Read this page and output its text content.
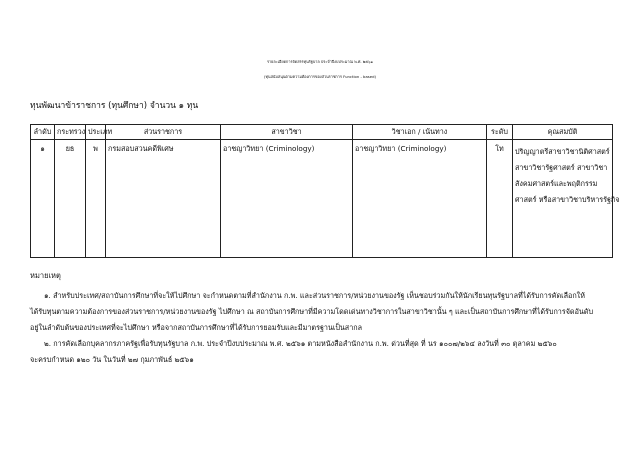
รายละเอียดการจัดสรรทุนรัฐบาล ประจำปีงบประมาณ พ.ศ. ๒๕๖๑
(ทุนสนับสนุนตามความต้องการของส่วนราชการ Function - based)
ทุนพัฒนาข้าราชการ (ทุนศึกษา) จำนวน ๑ ทุน
ลำดับ	กระทรวง	ประเภท	ส่วนราชการ	สาขาวิชา	วิชาเอก / เน้นทาง	ระดับ	คุณสมบัติ
๑	ยธ	พ	กรมสอบสวนคดีพิเศษ	อาชญาวิทยา (Criminology)	อาชญาวิทยา (Criminology)	โท	ปริญญาตรีสาขาวิชานิติศาสตร์
สาขาวิชารัฐศาสตร์ สาขาวิชา
สังคมศาสตร์และพฤติกรรม
ศาสตร์ หรือสาขาวิชาบริหารรัฐกิจ
หมายเหตุ
๑. สำหรับประเทศ/สถาบันการศึกษาที่จะให้ไปศึกษา จะกำหนดตามที่สำนักงาน ก.พ. และส่วนราชการ/หน่วยงานของรัฐ เห็นชอบร่วมกันให้นักเรียนทุนรัฐบาลที่ได้รับการคัดเลือกให้
ได้รับทุนตามความต้องการของส่วนราชการ/หน่วยงานของรัฐ ไปศึกษา ณ สถาบันการศึกษาที่มีความโดดเด่นทางวิชาการในสาขาวิชานั้น ๆ และเป็นสถาบันการศึกษาที่ได้รับการจัดอันดับ
อยู่ในลำดับต้นของประเทศที่จะไปศึกษา หรือจากสถาบันการศึกษาที่ได้รับการยอมรับและมีมาตรฐานเป็นสากล
๒. การคัดเลือกบุคลากรภาครัฐเพื่อรับทุนรัฐบาล ก.พ. ประจำปีงบประมาณ พ.ศ. ๒๕๖๑ ตามหนังสือสำนักงาน ก.พ. ด่วนที่สุด ที่ นร ๑๐๐๗/๒๖๔ ลงวันที่ ๓๐ ตุลาคม ๒๕๖๐
จะครบกำหนด ๑๒๐ วัน ในวันที่ ๒๗ กุมภาพันธ์ ๒๕๖๑
